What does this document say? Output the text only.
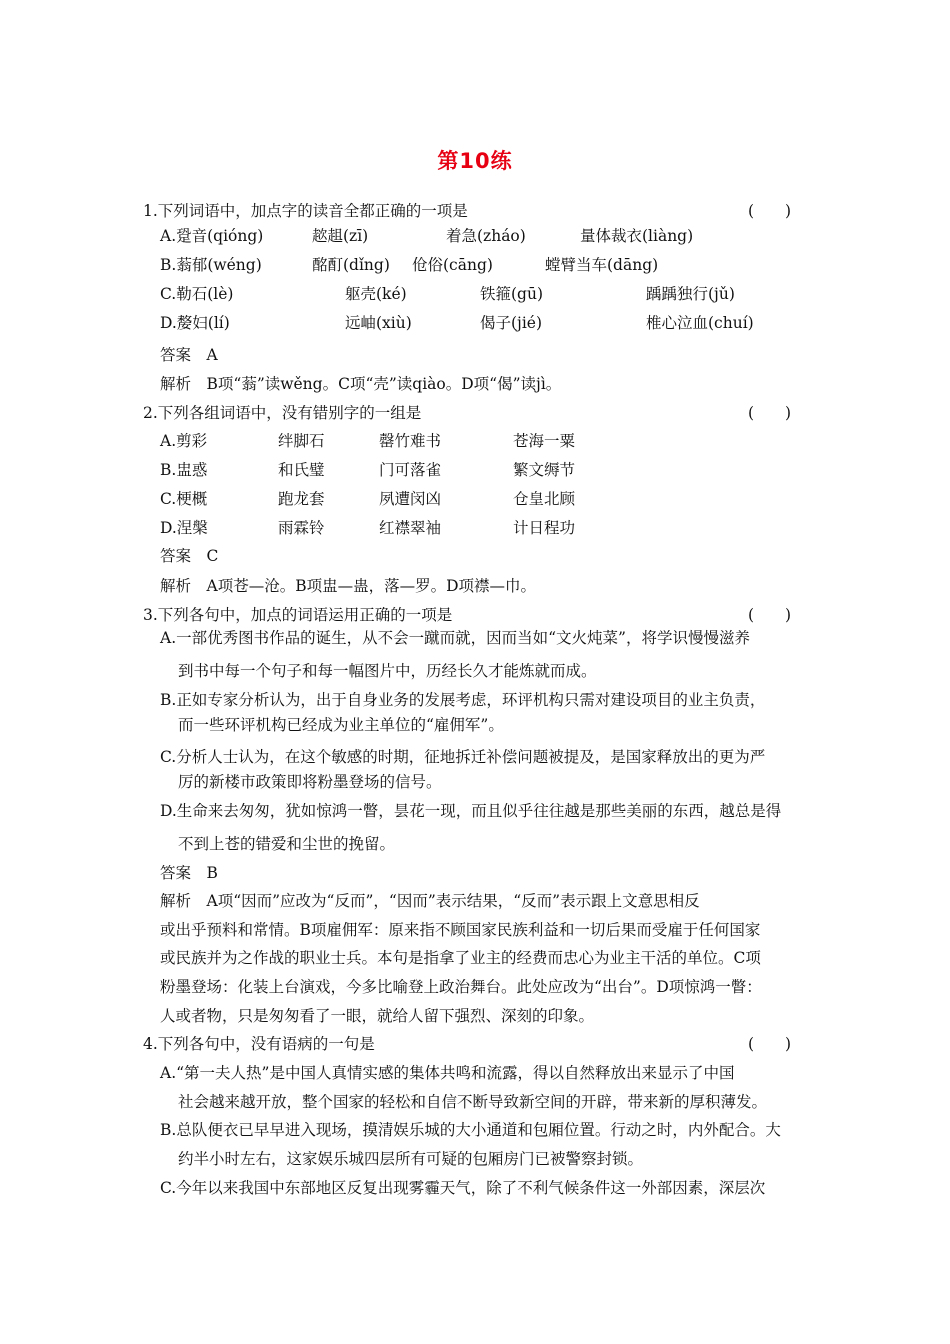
第10练
1.下列词语中，加点字的读音全都正确的一项是	(　　)
A.跫音(qióng)	趑趄(zī)	着急(zháo)	量体裁衣(liàng)
B.蓊郁(wéng)	酩酊(dǐng) 伧俗(cāng)	螳臂当车(dāng)
C.勒石(lè)	躯壳(ké)	铁箍(gū)	踽踽独行(jǔ)
D.嫠妇(lí)	远岫(xiù)	偈子(jié)	椎心泣血(chuí)
答案　A
解析　B项“蓊”读wěng。C项“壳”读qiào。D项“偈”读jì。
2.下列各组词语中，没有错别字的一组是	(　　)
A.剪彩	绊脚石	罄竹难书	苍海一粟
B.盅惑	和氏璧	门可落雀	繁文缛节
C.梗概	跑龙套	夙遭闵凶	仓皇北顾
D.涅槃	雨霖铃	红襟翠袖	计日程功
答案　C
解析　A项苍—沧。B项盅—蛊，落—罗。D项襟—巾。
3.下列各句中，加点的词语运用正确的一项是	(　　)
A.一部优秀图书作品的诞生，从不会一蹴而就，因而当如“文火炖菜”，将学识慢慢滋养
到书中每一个句子和每一幅图片中，历经长久才能炼就而成。
B.正如专家分析认为，出于自身业务的发展考虑，环评机构只需对建设项目的业主负责，
而一些环评机构已经成为业主单位的“雇佣军”。
C.分析人士认为，在这个敏感的时期，征地拆迁补偿问题被提及，是国家释放出的更为严
厉的新楼市政策即将粉墨登场的信号。
D.生命来去匆匆，犹如惊鸿一瞥，昙花一现，而且似乎往往越是那些美丽的东西，越总是得
不到上苍的错爱和尘世的挽留。
答案　B
解析　A项“因而”应改为“反而”，“因而”表示结果，“反而”表示跟上文意思相反
或出乎预料和常情。B项雇佣军：原来指不顾国家民族利益和一切后果而受雇于任何国家
或民族并为之作战的职业士兵。本句是指拿了业主的经费而忠心为业主干活的单位。C项
粉墨登场：化装上台演戏，今多比喻登上政治舞台。此处应改为“出台”。D项惊鸿一瞥：
人或者物，只是匆匆看了一眼，就给人留下强烈、深刻的印象。
4.下列各句中，没有语病的一句是	(　　)
A.“第一夫人热”是中国人真情实感的集体共鸣和流露，得以自然释放出来显示了中国
社会越来越开放，整个国家的轻松和自信不断导致新空间的开辟，带来新的厚积薄发。
B.总队便衣已早早进入现场，摸清娱乐城的大小通道和包厢位置。行动之时，内外配合。大
约半小时左右，这家娱乐城四层所有可疑的包厢房门已被警察封锁。
C.今年以来我国中东部地区反复出现雾霾天气，除了不利气候条件这一外部因素，深层次
